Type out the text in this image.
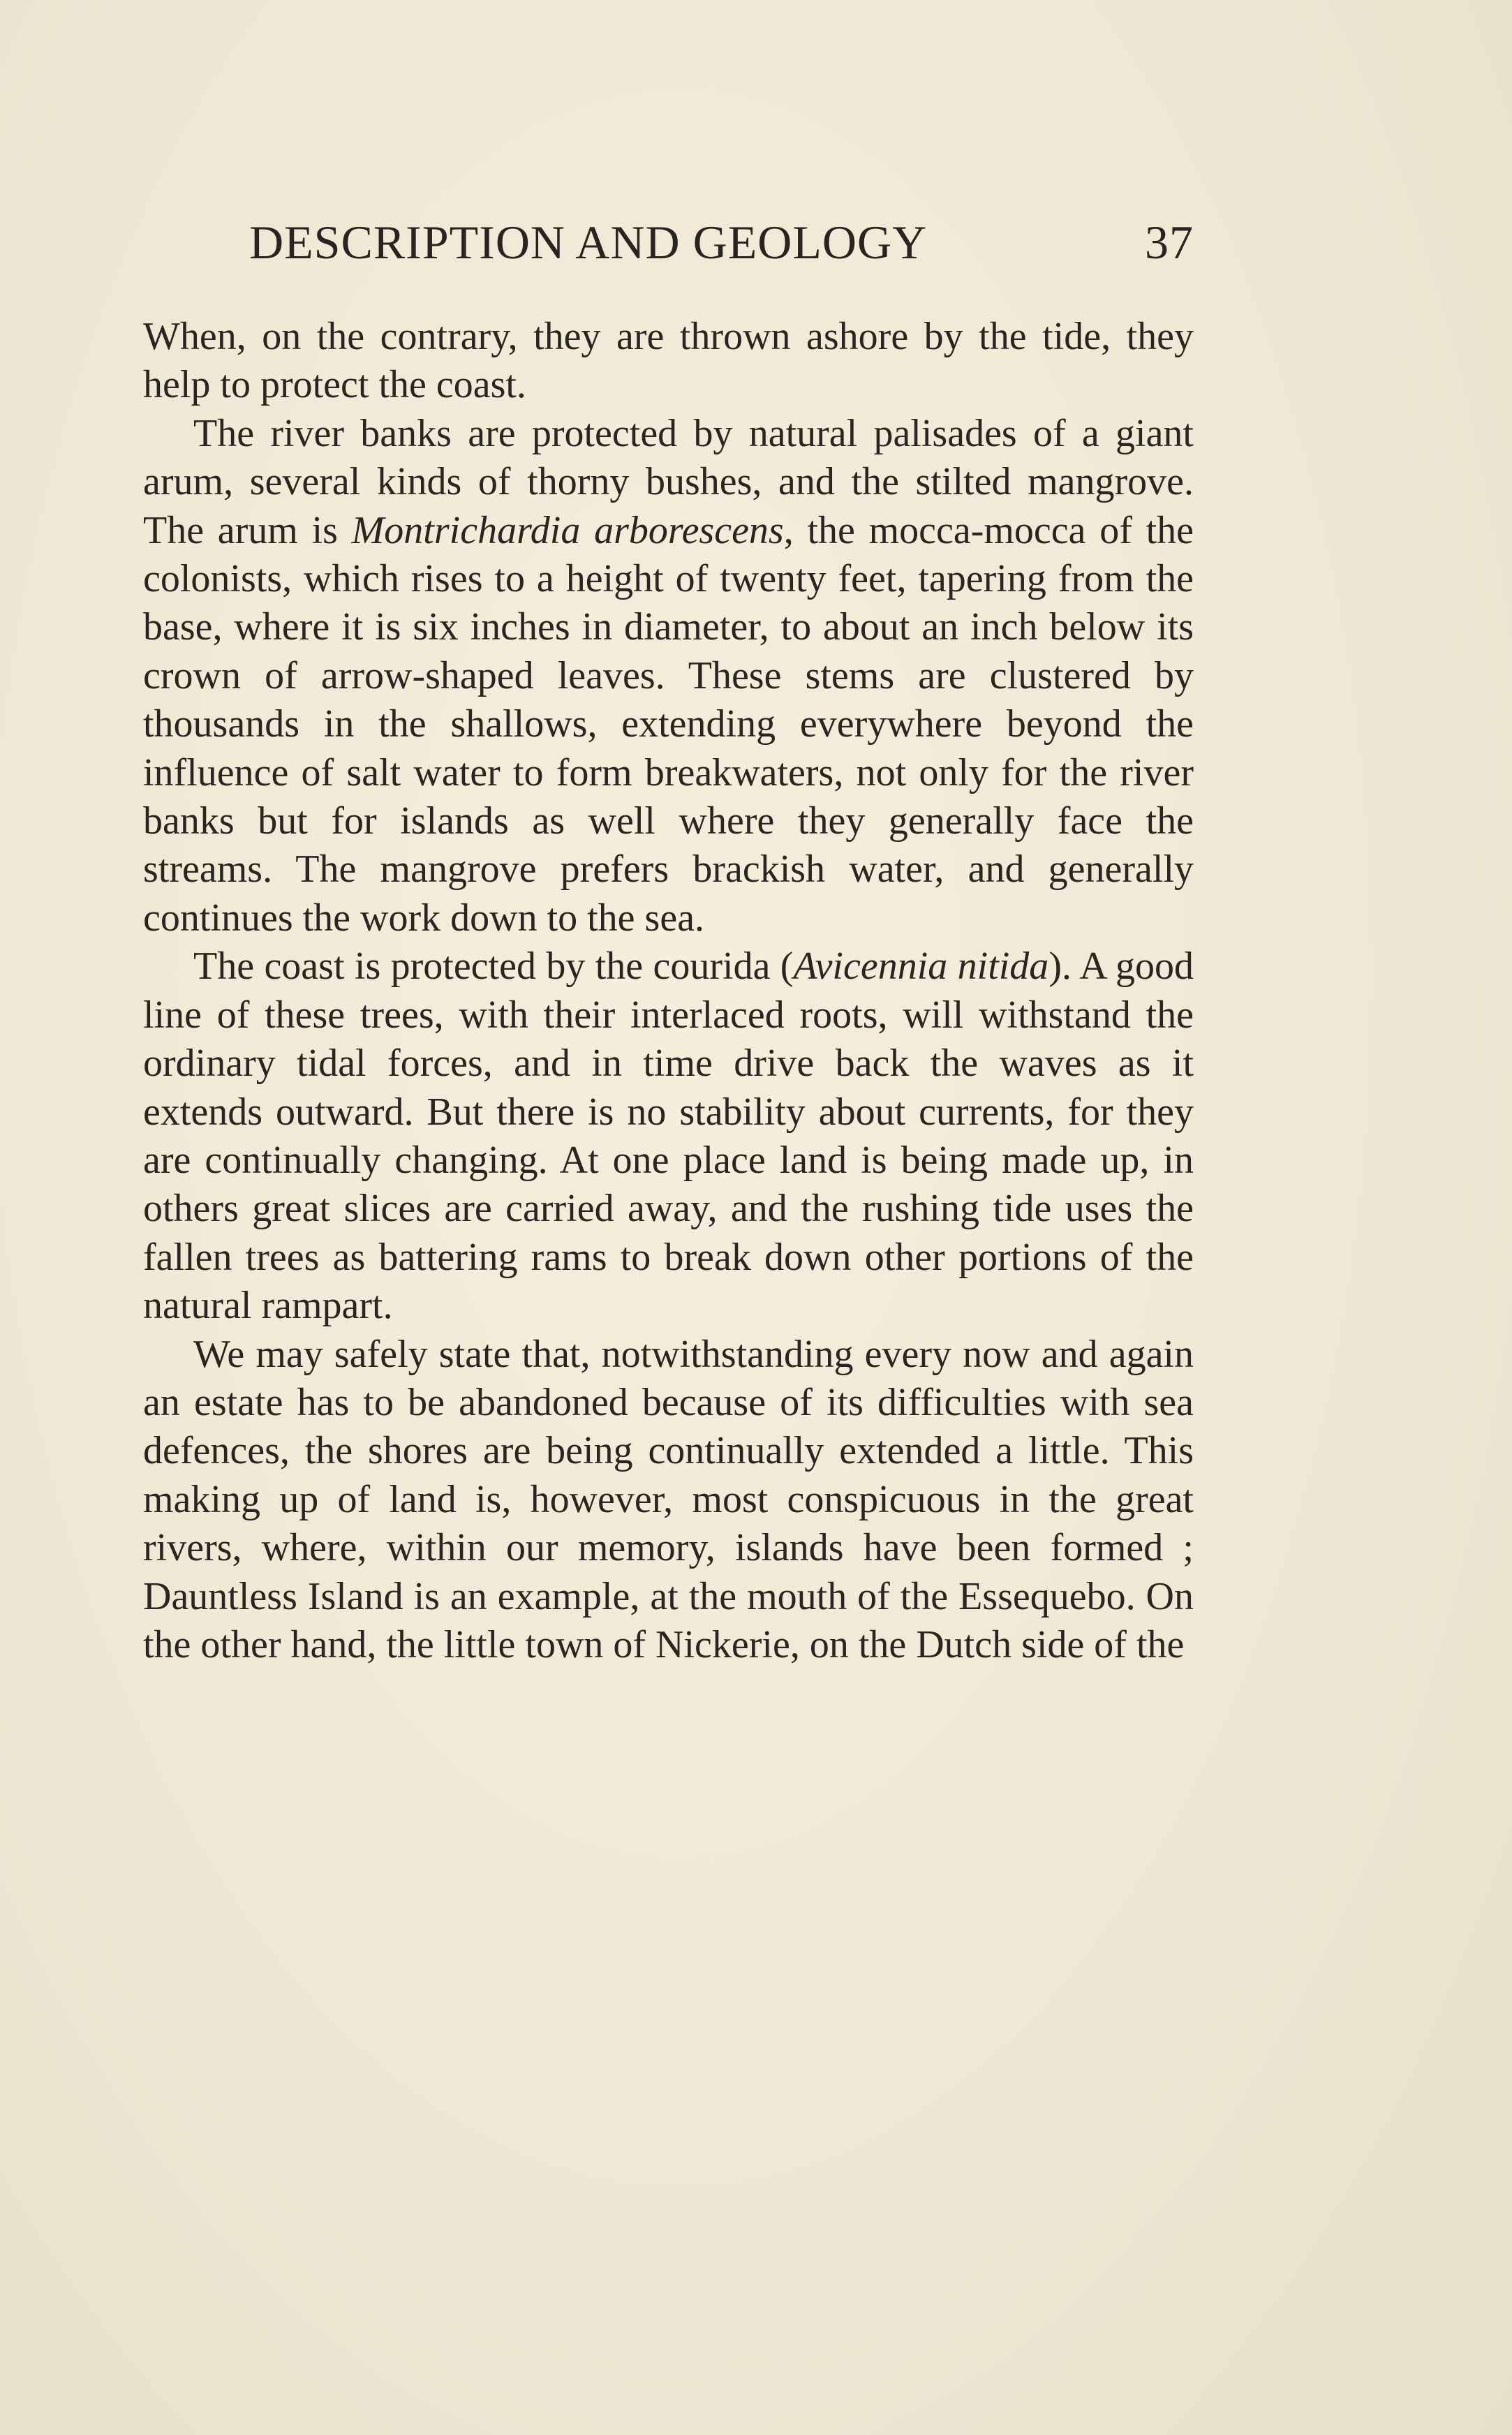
DESCRIPTION AND GEOLOGY	37

When, on the contrary, they are thrown ashore by the tide, they help to protect the coast.

The river banks are protected by natural palisades of a giant arum, several kinds of thorny bushes, and the stilted mangrove. The arum is Montrichardia arborescens, the mocca-mocca of the colonists, which rises to a height of twenty feet, tapering from the base, where it is six inches in diameter, to about an inch below its crown of arrow-shaped leaves. These stems are clustered by thousands in the shallows, extending everywhere beyond the influence of salt water to form breakwaters, not only for the river banks but for islands as well where they generally face the streams. The mangrove prefers brackish water, and generally continues the work down to the sea.

The coast is protected by the courida (Avicennia nitida). A good line of these trees, with their interlaced roots, will withstand the ordinary tidal forces, and in time drive back the waves as it extends outward. But there is no stability about currents, for they are continually changing. At one place land is being made up, in others great slices are carried away, and the rushing tide uses the fallen trees as battering rams to break down other portions of the natural rampart.

We may safely state that, notwithstanding every now and again an estate has to be abandoned because of its difficulties with sea defences, the shores are being continually extended a little. This making up of land is, however, most conspicuous in the great rivers, where, within our memory, islands have been formed ; Dauntless Island is an example, at the mouth of the Essequebo. On the other hand, the little town of Nickerie, on the Dutch side of the
